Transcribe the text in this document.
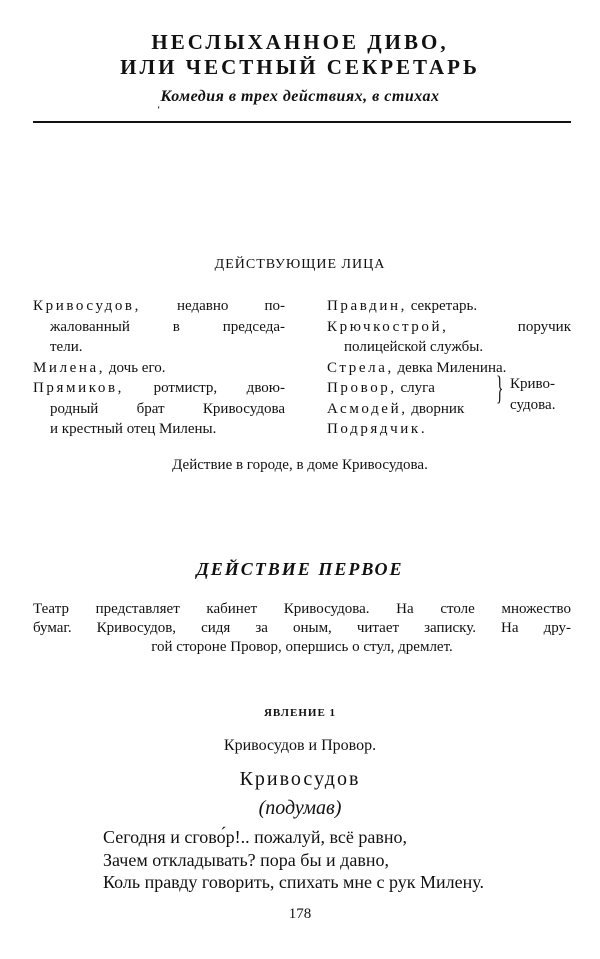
НЕСЛЫХАННОЕ ДИВО,
ИЛИ ЧЕСТНЫЙ СЕКРЕТАРЬ
Комедия в трех действиях, в стихах
ʻ
ДЕЙСТВУЮЩИЕ ЛИЦА
Кривосудов, недавно по-
жалованный в председа-
тели.
Милена, дочь его.
Прямиков, ротмистр, двою-
родный брат Кривосудова
и крестный отец Милены.
Правдин, секретарь.
Крючкострой,	поручик
полицейской службы.
Стрела, девка Миленина.
Провор, слуга
Асмодей, дворник
Подрядчик.
} Криво-
судова.
Действие в городе, в доме Кривосудова.
ДЕЙСТВИЕ ПЕРВОЕ
Театр представляет кабинет Кривосудова. На столе множество
бумаг. Кривосудов, сидя за оным, читает записку. На дру-
гой стороне Провор, опершись о стул, дремлет.
ЯВЛЕНИЕ 1
Кривосудов и Провор.
Кривосудов
(подумав)
Сегодня и сгово́р!.. пожалуй, всё равно,
Зачем откладывать? пора бы и давно,
Коль правду говорить, спихать мне с рук Милену.
178
